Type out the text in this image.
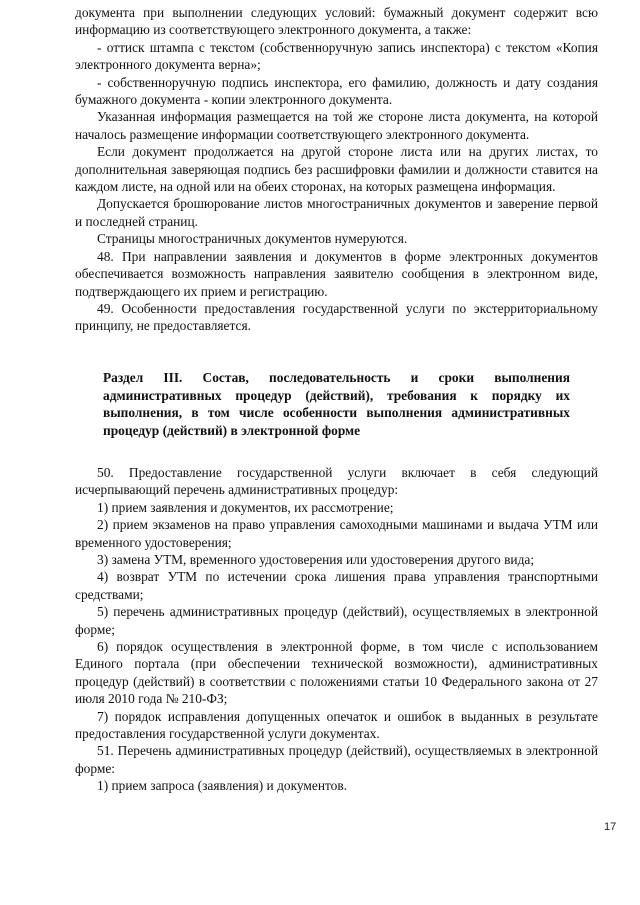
документа при выполнении следующих условий: бумажный документ содержит всю информацию из соответствующего электронного документа, а также:

- оттиск штампа с текстом (собственноручную запись инспектора) с текстом «Копия электронного документа верна»;

- собственноручную подпись инспектора, его фамилию, должность и дату создания бумажного документа - копии электронного документа.

Указанная информация размещается на той же стороне листа документа, на которой началось размещение информации соответствующего электронного документа.

Если документ продолжается на другой стороне листа или на других листах, то дополнительная заверяющая подпись без расшифровки фамилии и должности ставится на каждом листе, на одной или на обеих сторонах, на которых размещена информация.

Допускается брошюрование листов многостраничных документов и заверение первой и последней страниц.

Страницы многостраничных документов нумеруются.

48. При направлении заявления и документов в форме электронных документов обеспечивается возможность направления заявителю сообщения в электронном виде, подтверждающего их прием и регистрацию.

49. Особенности предоставления государственной услуги по экстерриториальному принципу, не предоставляется.

Раздел III. Состав, последовательность и сроки выполнения административных процедур (действий), требования к порядку их выполнения, в том числе особенности выполнения административных процедур (действий) в электронной форме

50. Предоставление государственной услуги включает в себя следующий исчерпывающий перечень административных процедур:

1) прием заявления и документов, их рассмотрение;

2) прием экзаменов на право управления самоходными машинами и выдача УТМ или временного удостоверения;

3) замена УТМ, временного удостоверения или удостоверения другого вида;

4) возврат УТМ по истечении срока лишения права управления транспортными средствами;

5) перечень административных процедур (действий), осуществляемых в электронной форме;

6) порядок осуществления в электронной форме, в том числе с использованием Единого портала (при обеспечении технической возможности), административных процедур (действий) в соответствии с положениями статьи 10 Федерального закона от 27 июля 2010 года № 210-ФЗ;

7) порядок исправления допущенных опечаток и ошибок в выданных в результате предоставления государственной услуги документах.

51. Перечень административных процедур (действий), осуществляемых в электронной форме:

1) прием запроса (заявления) и документов.

17
